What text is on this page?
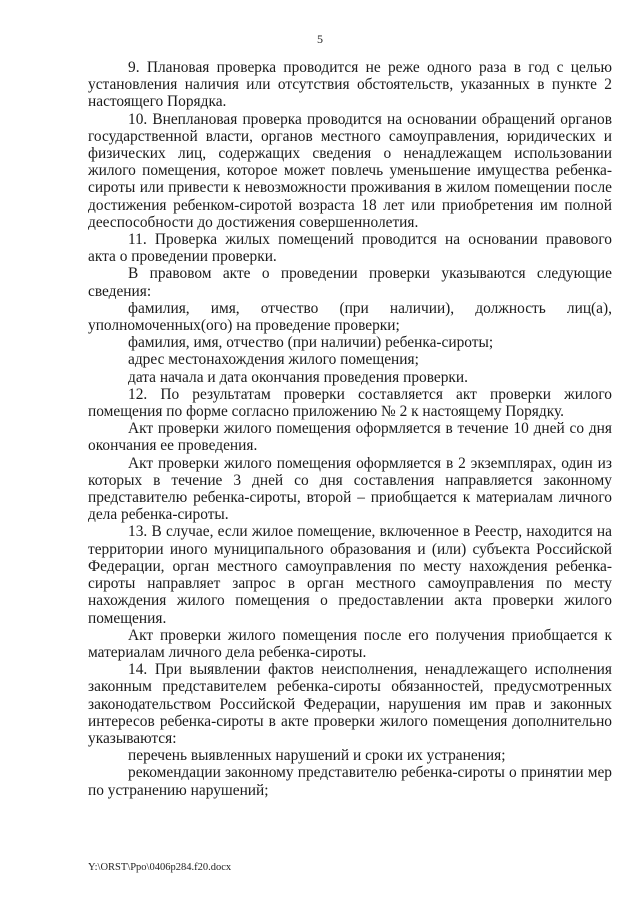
5

9. Плановая проверка проводится не реже одного раза в год с целью установления наличия или отсутствия обстоятельств, указанных в пункте 2 настоящего Порядка.

10. Внеплановая проверка проводится на основании обращений органов государственной власти, органов местного самоуправления, юридических и физических лиц, содержащих сведения о ненадлежащем использовании жилого помещения, которое может повлечь уменьшение имущества ребенка-сироты или привести к невозможности проживания в жилом помещении после достижения ребенком-сиротой возраста 18 лет или приобретения им полной дееспособности до достижения совершеннолетия.

11. Проверка жилых помещений проводится на основании правового акта о проведении проверки.

В правовом акте о проведении проверки указываются следующие сведения:

фамилия, имя, отчество (при наличии), должность лиц(а), уполномоченных(ого) на проведение проверки;

фамилия, имя, отчество (при наличии) ребенка-сироты;

адрес местонахождения жилого помещения;

дата начала и дата окончания проведения проверки.

12. По результатам проверки составляется акт проверки жилого помещения по форме согласно приложению № 2 к настоящему Порядку.

Акт проверки жилого помещения оформляется в течение 10 дней со дня окончания ее проведения.

Акт проверки жилого помещения оформляется в 2 экземплярах, один из которых в течение 3 дней со дня составления направляется законному представителю ребенка-сироты, второй – приобщается к материалам личного дела ребенка-сироты.

13. В случае, если жилое помещение, включенное в Реестр, находится на территории иного муниципального образования и (или) субъекта Российской Федерации, орган местного самоуправления по месту нахождения ребенка-сироты направляет запрос в орган местного самоуправления по месту нахождения жилого помещения о предоставлении акта проверки жилого помещения.

Акт проверки жилого помещения после его получения приобщается к материалам личного дела ребенка-сироты.

14. При выявлении фактов неисполнения, ненадлежащего исполнения законным представителем ребенка-сироты обязанностей, предусмотренных законодательством Российской Федерации, нарушения им прав и законных интересов ребенка-сироты в акте проверки жилого помещения дополнительно указываются:

перечень выявленных нарушений и сроки их устранения;

рекомендации законному представителю ребенка-сироты о принятии мер по устранению нарушений;

Y:\ORST\Ppo\0406p284.f20.docx
